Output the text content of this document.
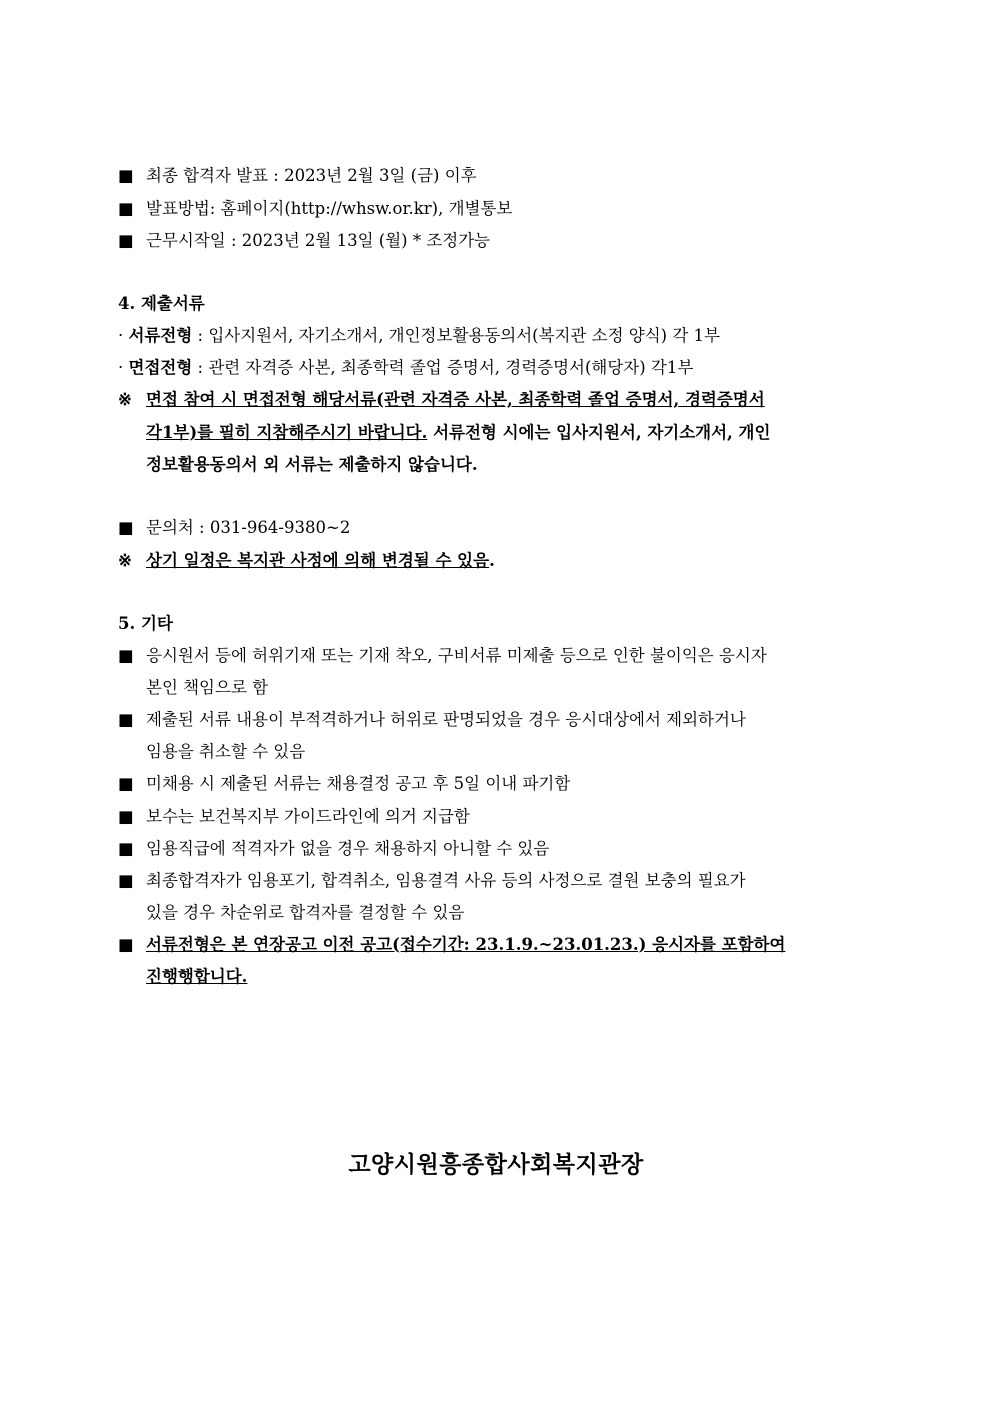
■ 최종 합격자 발표 : 2023년 2월 3일 (금) 이후
■ 발표방법: 홈페이지(http://whsw.or.kr), 개별통보
■ 근무시작일 : 2023년 2월 13일 (월) * 조정가능
4. 제출서류
· 서류전형 : 입사지원서, 자기소개서, 개인정보활용동의서(복지관 소정 양식) 각 1부
· 면접전형 : 관련 자격증 사본, 최종학력 졸업 증명서, 경력증명서(해당자) 각1부
※ 면접 참여 시 면접전형 해당서류(관련 자격증 사본, 최종학력 졸업 증명서, 경력증명서
각1부)를 필히 지참해주시기 바랍니다. 서류전형 시에는 입사지원서, 자기소개서, 개인
정보활용동의서 외 서류는 제출하지 않습니다.
■ 문의처 : 031-964-9380~2
※ 상기 일정은 복지관 사정에 의해 변경될 수 있음.
5. 기타
■ 응시원서 등에 허위기재 또는 기재 착오, 구비서류 미제출 등으로 인한 불이익은 응시자
본인 책임으로 함
■ 제출된 서류 내용이 부적격하거나 허위로 판명되었을 경우 응시대상에서 제외하거나
임용을 취소할 수 있음
■ 미채용 시 제출된 서류는 채용결정 공고 후 5일 이내 파기함
■ 보수는 보건복지부 가이드라인에 의거 지급함
■ 임용직급에 적격자가 없을 경우 채용하지 아니할 수 있음
■ 최종합격자가 임용포기, 합격취소, 임용결격 사유 등의 사정으로 결원 보충의 필요가
있을 경우 차순위로 합격자를 결정할 수 있음
■ 서류전형은 본 연장공고 이전 공고(접수기간: 23.1.9.~23.01.23.) 응시자를 포함하여
진행행합니다.
고양시원흥종합사회복지관장
